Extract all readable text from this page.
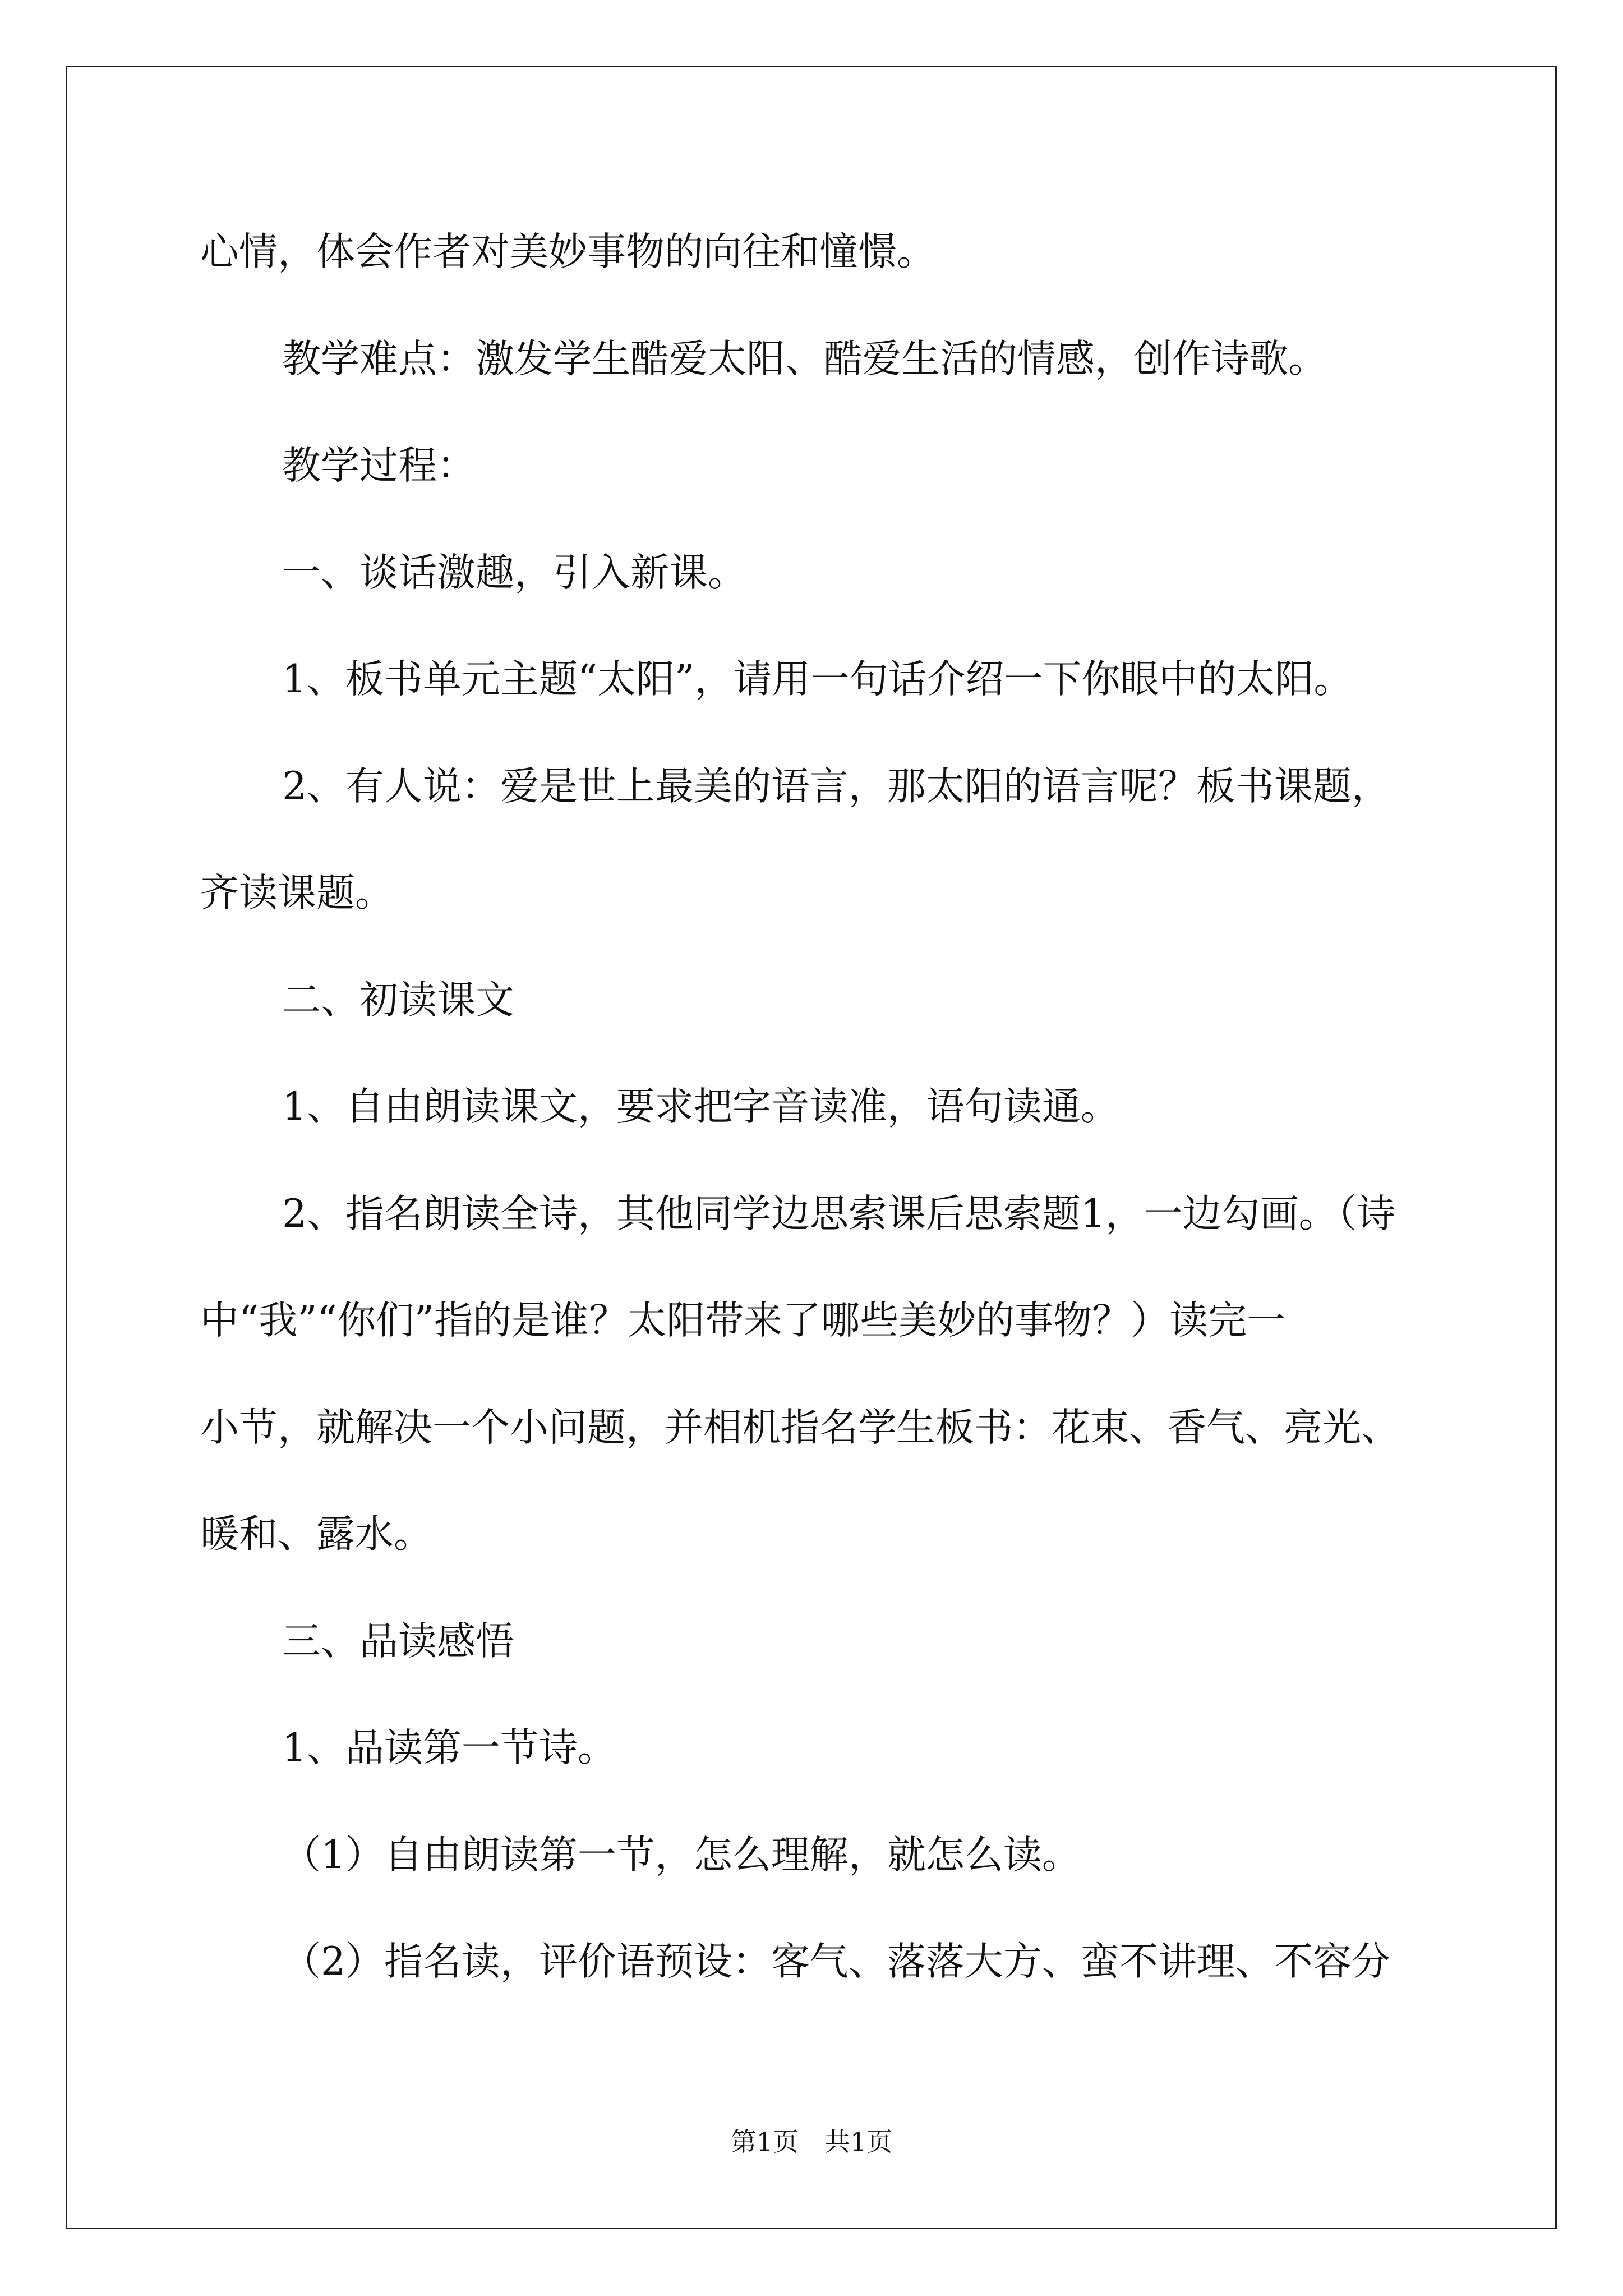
心情，体会作者对美妙事物的向往和憧憬。
教学难点：激发学生酷爱太阳、酷爱生活的情感，创作诗歌。
教学过程：
一、谈话激趣，引入新课。
1、板书单元主题“太阳”，请用一句话介绍一下你眼中的太阳。
2、有人说：爱是世上最美的语言，那太阳的语言呢？板书课题，
齐读课题。
二、初读课文
1、自由朗读课文，要求把字音读准，语句读通。
2、指名朗读全诗，其他同学边思索课后思索题1，一边勾画。（诗
中“我”“你们”指的是谁？太阳带来了哪些美妙的事物？）读完一
小节，就解决一个小问题，并相机指名学生板书：花束、香气、亮光、
暖和、露水。
三、品读感悟
1、品读第一节诗。
（1）自由朗读第一节，怎么理解，就怎么读。
（2）指名读，评价语预设：客气、落落大方、蛮不讲理、不容分
第1页　共1页
